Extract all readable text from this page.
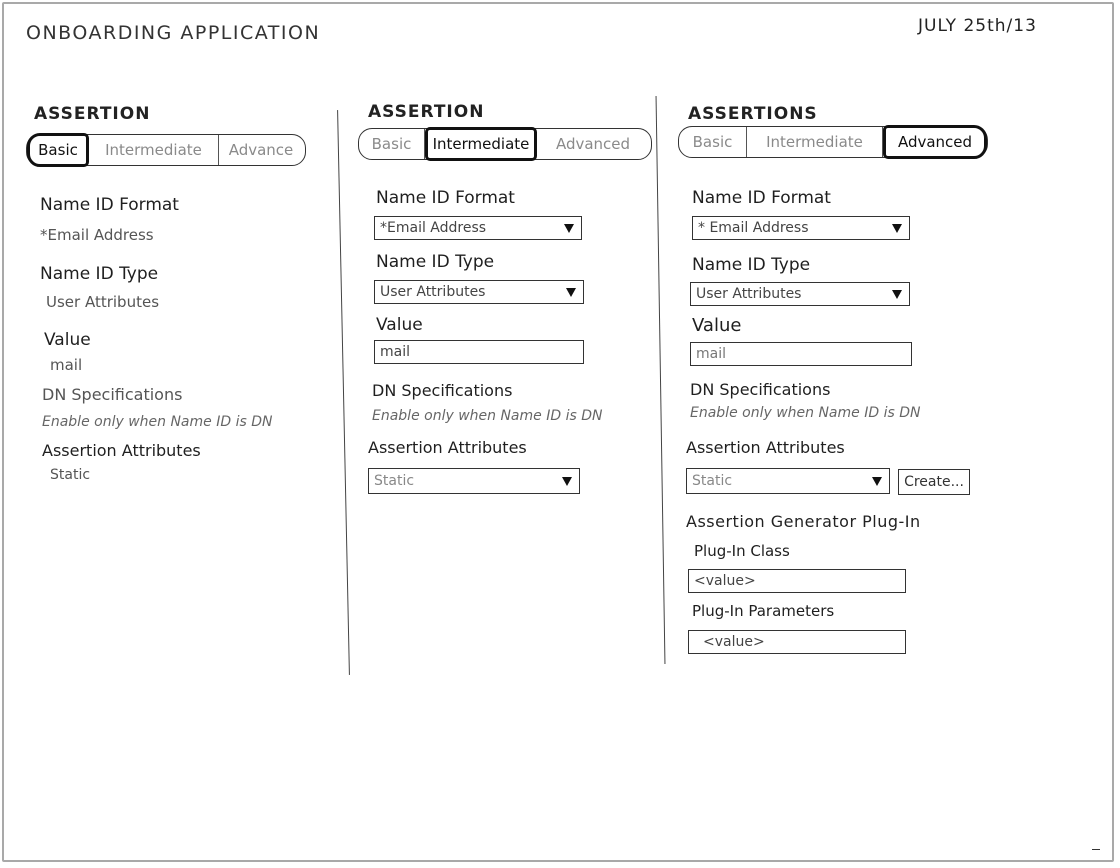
ONBOARDING APPLICATION	JULY 25th/13
ASSERTION
Basic	Intermediate	Advance
Name ID Format
*Email Address
Name ID Type
User Attributes
Value
mail
DN Specifications
Enable only when Name ID is DN
Assertion Attributes
Static
ASSERTION
Basic	Intermediate	Advanced
Name ID Format
*Email Address
Name ID Type
User Attributes
Value
mail
DN Specifications
Enable only when Name ID is DN
Assertion Attributes
Static
ASSERTIONS
Basic	Intermediate	Advanced
Name ID Format
* Email Address
Name ID Type
User Attributes
Value
mail
DN Specifications
Enable only when Name ID is DN
Assertion Attributes
Static	Create...
Assertion Generator Plug-In
Plug-In Class
<value>
Plug-In Parameters
<value>
